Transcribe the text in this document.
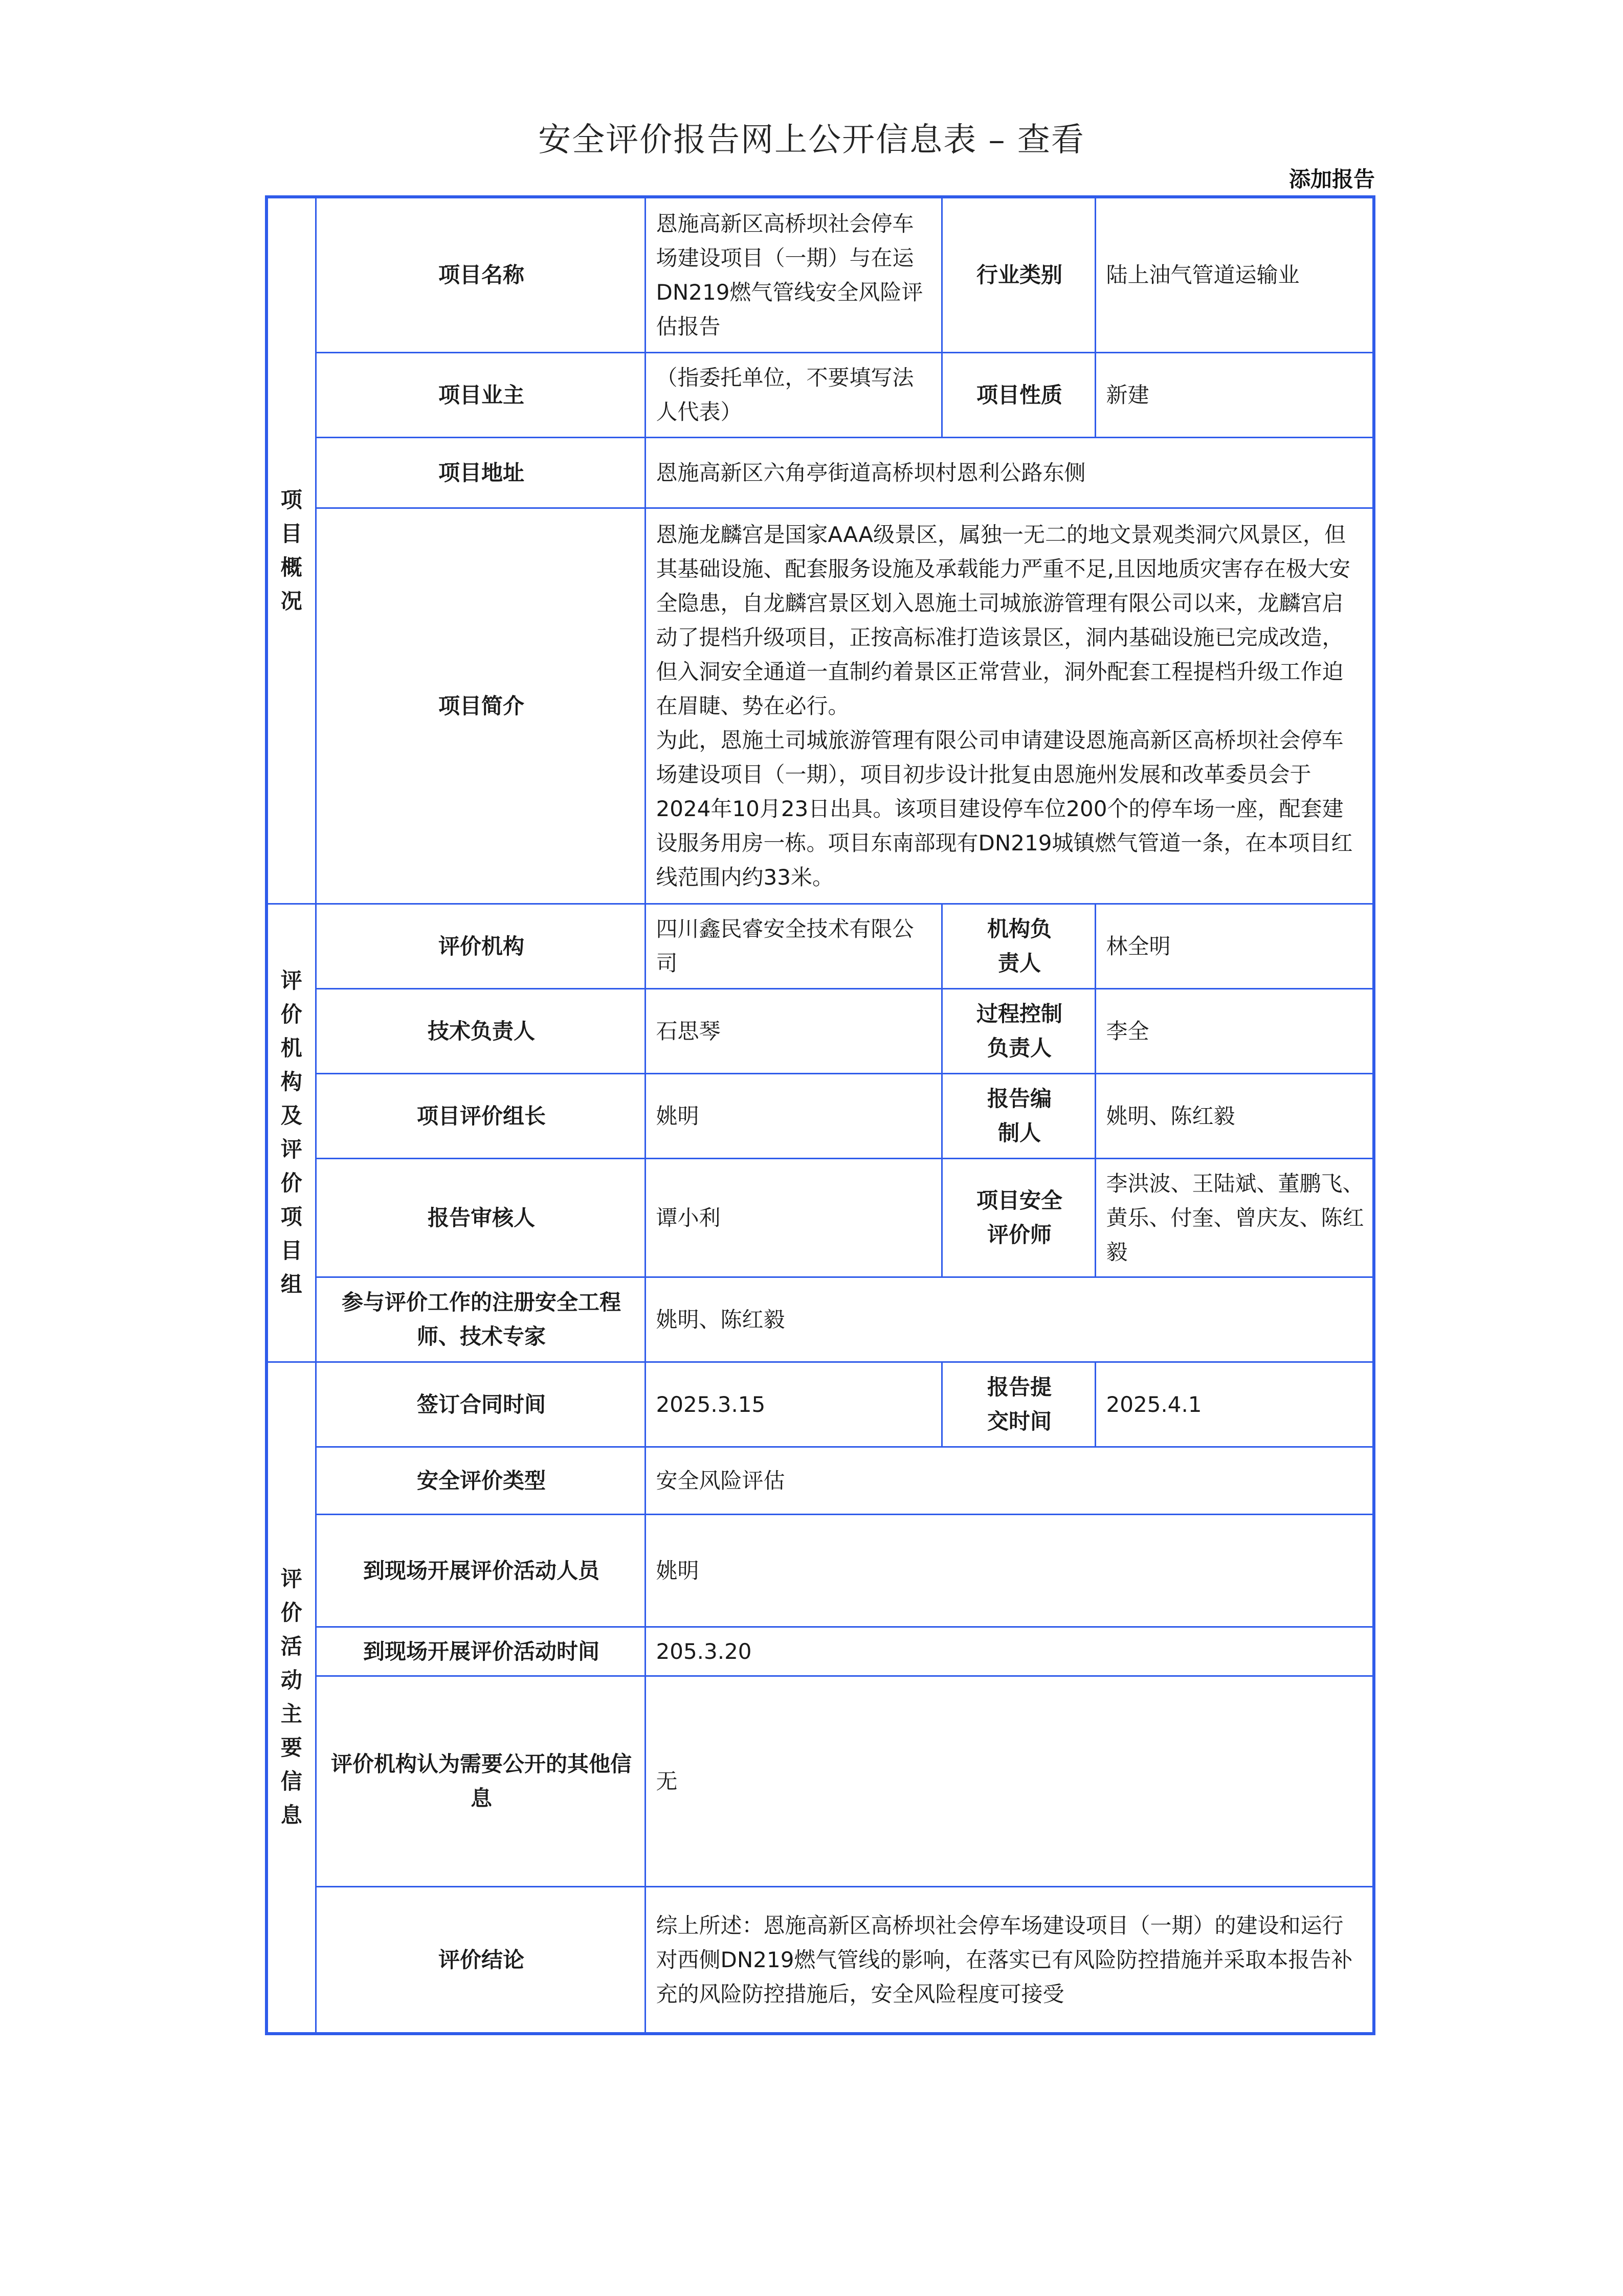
安全评价报告网上公开信息表 – 查看
添加报告
项目概况	项目名称	恩施高新区高桥坝社会停车场建设项目（一期）与在运DN219燃气管线安全风险评估报告	行业类别	陆上油气管道运输业
	项目业主	（指委托单位，不要填写法人代表）	项目性质	新建
	项目地址	恩施高新区六角亭街道高桥坝村恩利公路东侧		
	项目简介	恩施龙麟宫是国家AAA级景区，属独一无二的地文景观类洞穴风景区，但其基础设施、配套服务设施及承载能力严重不足,且因地质灾害存在极大安全隐患，自龙麟宫景区划入恩施土司城旅游管理有限公司以来，龙麟宫启动了提档升级项目，正按高标准打造该景区，洞内基础设施已完成改造，但入洞安全通道一直制约着景区正常营业，洞外配套工程提档升级工作迫在眉睫、势在必行。
为此，恩施土司城旅游管理有限公司申请建设恩施高新区高桥坝社会停车场建设项目（一期），项目初步设计批复由恩施州发展和改革委员会于2024年10月23日出具。该项目建设停车位200个的停车场一座，配套建设服务用房一栋。项目东南部现有DN219城镇燃气管道一条，在本项目红线范围内约33米。		

评价机构及评价项目组	评价机构	四川鑫民睿安全技术有限公司	机构负责人	林全明
	技术负责人	石思琴	过程控制负责人	李全
	项目评价组长	姚明	报告编制人	姚明、陈红毅
	报告审核人	谭小利	项目安全评价师	李洪波、王陆斌、董鹏飞、黄乐、付奎、曾庆友、陈红毅
	参与评价工作的注册安全工程师、技术专家	姚明、陈红毅		

评价活动主要信息	签订合同时间	2025.3.15	报告提交时间	2025.4.1
	安全评价类型	安全风险评估		
	到现场开展评价活动人员	姚明		
	到现场开展评价活动时间	205.3.20		
	评价机构认为需要公开的其他信息	无		
	评价结论	综上所述：恩施高新区高桥坝社会停车场建设项目（一期）的建设和运行对西侧DN219燃气管线的影响，在落实已有风险防控措施并采取本报告补充的风险防控措施后，安全风险程度可接受		
